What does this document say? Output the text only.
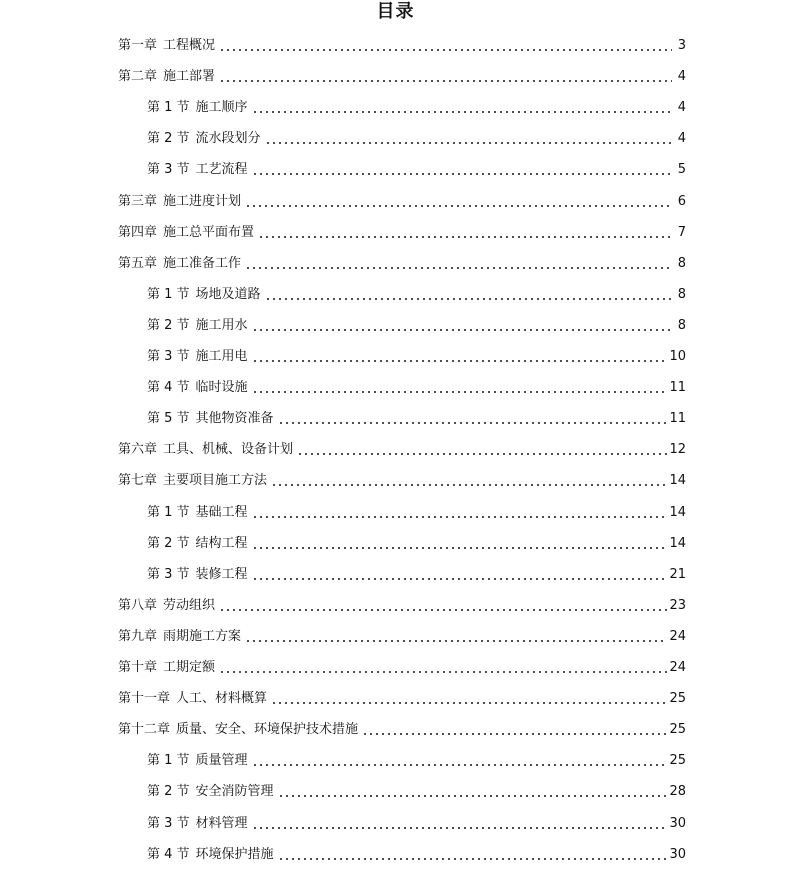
目录
第一章 工程概况	3
第二章 施工部署	4
第 1 节 施工顺序	4
第 2 节 流水段划分	4
第 3 节 工艺流程	5
第三章 施工进度计划	6
第四章 施工总平面布置	7
第五章 施工准备工作	8
第 1 节 场地及道路	8
第 2 节 施工用水	8
第 3 节 施工用电	10
第 4 节 临时设施	11
第 5 节 其他物资准备	11
第六章 工具、机械、设备计划	12
第七章 主要项目施工方法	14
第 1 节 基础工程	14
第 2 节 结构工程	14
第 3 节 装修工程	21
第八章 劳动组织	23
第九章 雨期施工方案	24
第十章 工期定额	24
第十一章 人工、材料概算	25
第十二章 质量、安全、环境保护技术措施	25
第 1 节 质量管理	25
第 2 节 安全消防管理	28
第 3 节 材料管理	30
第 4 节 环境保护措施	30
